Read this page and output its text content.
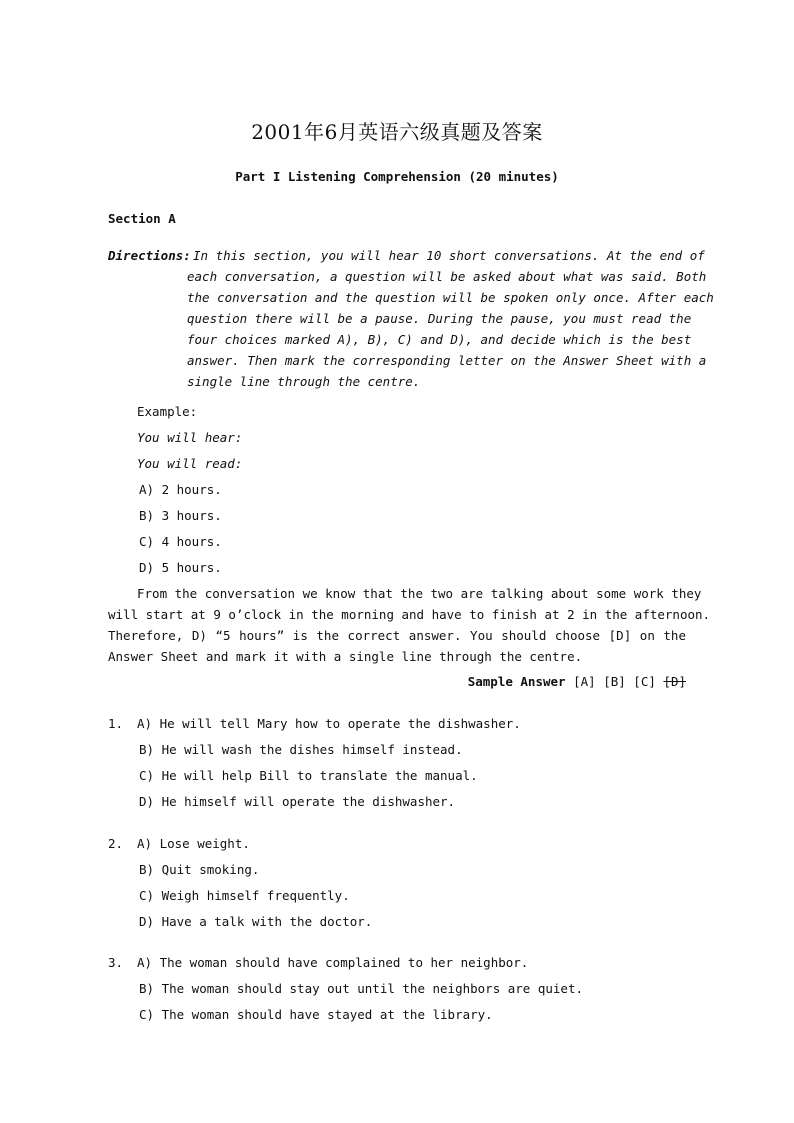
2001年6月英语六级真题及答案
Part I Listening Comprehension (20 minutes)
Section A
Directions: In this section, you will hear 10 short conversations. At the end of
each conversation, a question will be asked about what was said. Both
the conversation and the question will be spoken only once. After each
question there will be a pause. During the pause, you must read the
four choices marked A), B), C) and D), and decide which is the best
answer. Then mark the corresponding letter on the Answer Sheet with a
single line through the centre.
Example:
You will hear:
You will read:
A) 2 hours.
B) 3 hours.
C) 4 hours.
D) 5 hours.
From the conversation we know that the two are talking about some work they
will start at 9 o’clock in the morning and have to finish at 2 in the afternoon.
Therefore, D) “5 hours” is the correct answer. You should choose [D] on the
Answer Sheet and mark it with a single line through the centre.
Sample Answer [A] [B] [C] [D]
1. A) He will tell Mary how to operate the dishwasher.
B) He will wash the dishes himself instead.
C) He will help Bill to translate the manual.
D) He himself will operate the dishwasher.
2. A) Lose weight.
B) Quit smoking.
C) Weigh himself frequently.
D) Have a talk with the doctor.
3. A) The woman should have complained to her neighbor.
B) The woman should stay out until the neighbors are quiet.
C) The woman should have stayed at the library.
